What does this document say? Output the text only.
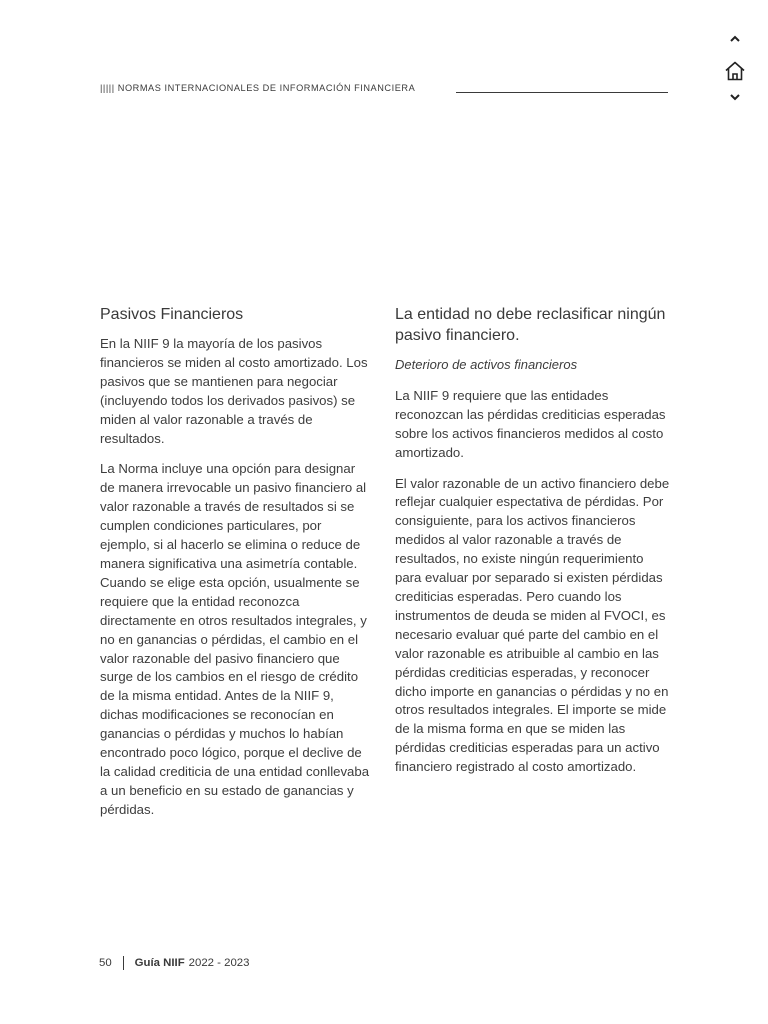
||||| NORMAS INTERNACIONALES DE INFORMACIÓN FINANCIERA
Pasivos Financieros

En la NIIF 9 la mayoría de los pasivos financieros se miden al costo amortizado. Los pasivos que se mantienen para negociar (incluyendo todos los derivados pasivos) se miden al valor razonable a través de resultados.

La Norma incluye una opción para designar de manera irrevocable un pasivo financiero al valor razonable a través de resultados si se cumplen condiciones particulares, por ejemplo, si al hacerlo se elimina o reduce de manera significativa una asimetría contable. Cuando se elige esta opción, usualmente se requiere que la entidad reconozca directamente en otros resultados integrales, y no en ganancias o pérdidas, el cambio en el valor razonable del pasivo financiero que surge de los cambios en el riesgo de crédito de la misma entidad. Antes de la NIIF 9, dichas modificaciones se reconocían en ganancias o pérdidas y muchos lo habían encontrado poco lógico, porque el declive de la calidad crediticia de una entidad conllevaba a un beneficio en su estado de ganancias y pérdidas.

La entidad no debe reclasificar ningún pasivo financiero.

Deterioro de activos financieros

La NIIF 9 requiere que las entidades reconozcan las pérdidas crediticias esperadas sobre los activos financieros medidos al costo amortizado.

El valor razonable de un activo financiero debe reflejar cualquier espectativa de pérdidas. Por consiguiente, para los activos financieros medidos al valor razonable a través de resultados, no existe ningún requerimiento para evaluar por separado si existen pérdidas crediticias esperadas. Pero cuando los instrumentos de deuda se miden al FVOCI, es necesario evaluar qué parte del cambio en el valor razonable es atribuible al cambio en las pérdidas crediticias esperadas, y reconocer dicho importe en ganancias o pérdidas y no en otros resultados integrales. El importe se mide de la misma forma en que se miden las pérdidas crediticias esperadas para un activo financiero registrado al costo amortizado.

50 Guía NIIF 2022 - 2023
